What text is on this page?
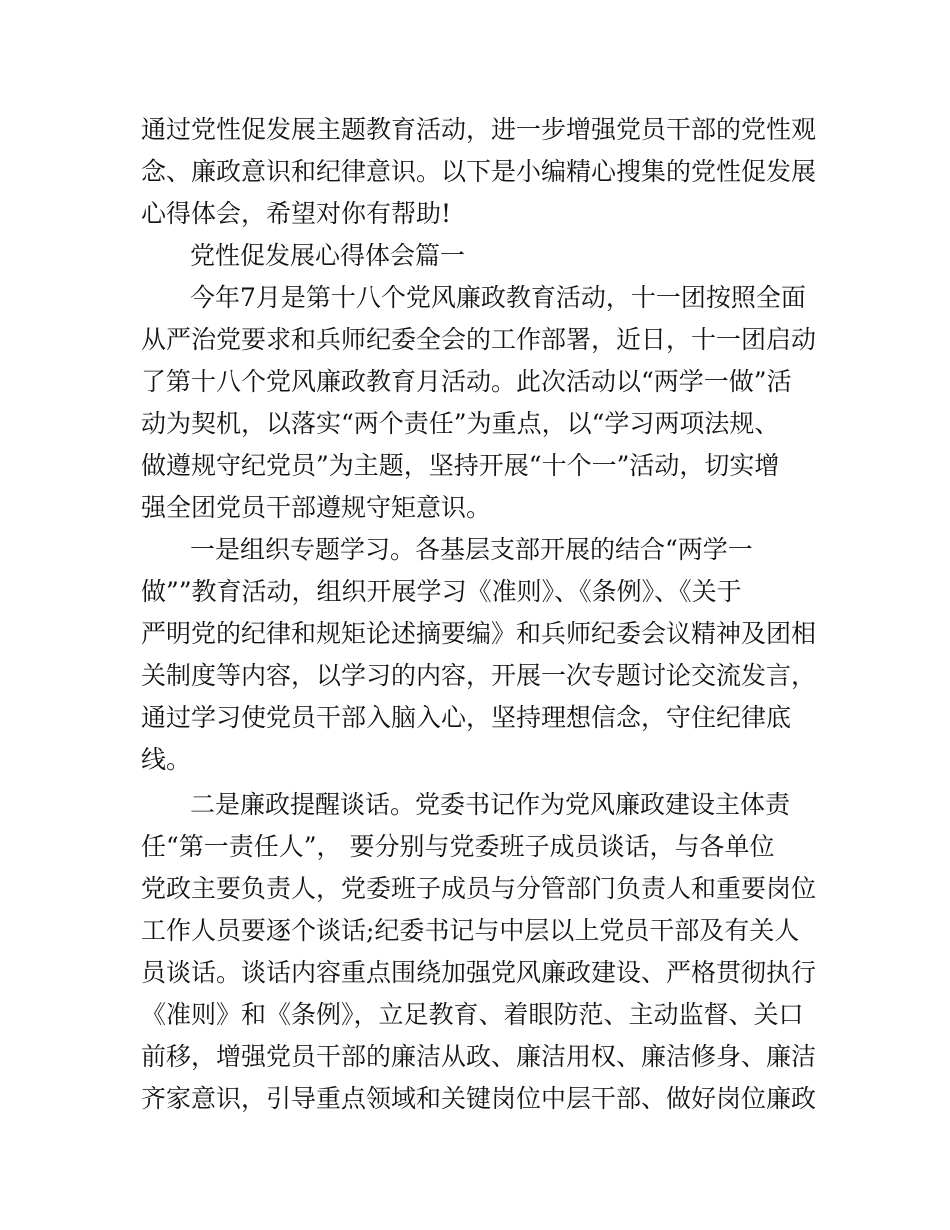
通过党性促发展主题教育活动，进一步增强党员干部的党性观
念、廉政意识和纪律意识。以下是小编精心搜集的党性促发展
心得体会，希望对你有帮助!
党性促发展心得体会篇一
今年7月是第十八个党风廉政教育活动，十一团按照全面
从严治党要求和兵师纪委全会的工作部署，近日，十一团启动
了第十八个党风廉政教育月活动。此次活动以“两学一做”活
动为契机，以落实“两个责任”为重点，以“学习两项法规、
做遵规守纪党员”为主题，坚持开展“十个一”活动，切实增
强全团党员干部遵规守矩意识。
一是组织专题学习。各基层支部开展的结合“两学一
做””教育活动，组织开展学习《准则》、《条例》、《关于
严明党的纪律和规矩论述摘要编》和兵师纪委会议精神及团相
关制度等内容，以学习的内容，开展一次专题讨论交流发言，
通过学习使党员干部入脑入心，坚持理想信念，守住纪律底
线。
二是廉政提醒谈话。党委书记作为党风廉政建设主体责
任“第一责任人”， 要分别与党委班子成员谈话，与各单位
党政主要负责人，党委班子成员与分管部门负责人和重要岗位
工作人员要逐个谈话;纪委书记与中层以上党员干部及有关人
员谈话。谈话内容重点围绕加强党风廉政建设、严格贯彻执行
《准则》和《条例》，立足教育、着眼防范、主动监督、关口
前移，增强党员干部的廉洁从政、廉洁用权、廉洁修身、廉洁
齐家意识，引导重点领域和关键岗位中层干部、做好岗位廉政
